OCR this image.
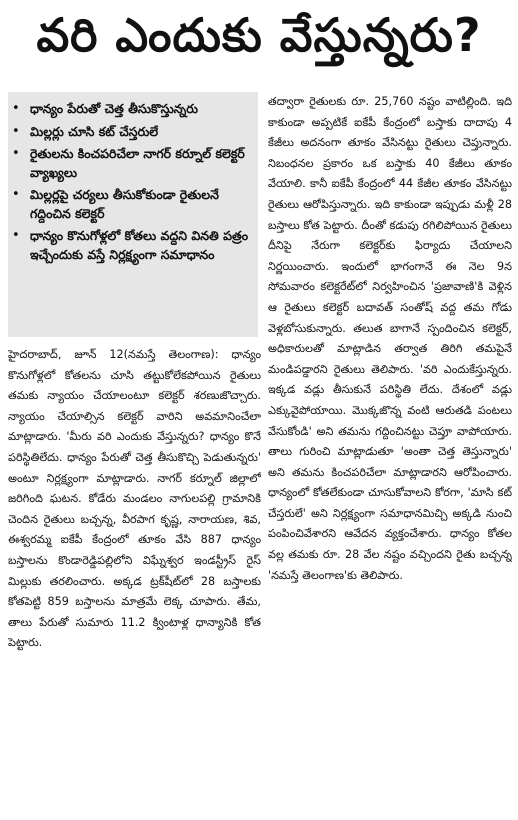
వరి ఎందుకు వేస్తున్నరు?
• ధాన్యం పేరుతో చెత్త తీసుకొస్తున్నరు
• మిల్లర్లు చూసి కట్ చేస్తరులే
• రైతులను కించపరిచేలా నాగర్ కర్నూల్ కలెక్టర్ వ్యాఖ్యలు
• మిల్లర్లపై చర్యలు తీసుకోకుండా రైతులనే గద్దించిన కలెక్టర్
• ధాన్యం కొనుగోళ్లలో కోతలు వద్దని వినతి పత్రం ఇచ్చేందుకు వస్తే నిర్లక్ష్యంగా సమాధానం

హైదరాబాద్, జూన్ 12(నమస్తే తెలంగాణ): ధాన్యం కొనుగోళ్లలో కోతలను చూసి తట్టుకోలేకపోయిన రైతులు తమకు న్యాయం చేయాలంటూ కలెక్టర్ శరణుజొచ్చారు. న్యాయం చేయాల్సిన కలెక్టర్ వారిని అవమానించేలా మాట్లాడారు. 'మీరు వరి ఎందుకు వేస్తున్నరు? ధాన్యం కొనే పరిస్థితిలేదు. ధాన్యం పేరుతో చెత్త తీసుకొచ్చి పెడుతున్నరు' అంటూ నిర్లక్ష్యంగా మాట్లాడారు. నాగర్ కర్నూల్ జిల్లాలో జరిగింది ఘటన. కోడేరు మండలం నాగులపల్లి గ్రామానికి చెందిన రైతులు బచ్చన్న, వీరపాగ కృష్ణ, నారాయణ, శివ, ఈశ్వరమ్మ ఐకేపీ కేంద్రంలో తూకం వేసి 887 ధాన్యం బస్తాలను కొండారెడ్డిపల్లిలోని విఘ్నేశ్వర ఇండస్ట్రీస్ రైస్ మిల్లుకు తరలించారు. అక్కడ ట్రక్‌షీట్‌లో 28 బస్తాలకు కోతపెట్టి 859 బస్తాలను మాత్రమే లెక్క చూపారు. తేమ, తాలు పేరుతో సుమారు 11.2 క్వింటాళ్ల ధాన్యానికి కోత పెట్టారు.

తద్వారా రైతులకు రూ. 25,760 నష్టం వాటిల్లింది. ఇది కాకుండా అప్పటికే ఐకేపీ కేంద్రంలో బస్తాకు దాదాపు 4 కేజీలు అదనంగా తూకం వేసినట్టు రైతులు చెప్తున్నారు. నిబంధనల ప్రకారం ఒక బస్తాకు 40 కేజీలు తూకం వేయాలి. కానీ ఐకేపీ కేంద్రంలో 44 కేజీల తూకం వేసినట్టు రైతులు ఆరోపిస్తున్నారు. ఇది కాకుండా ఇప్పుడు మళ్లీ 28 బస్తాలు కోత పెట్టారు. దీంతో కడుపు రగిలిపోయిన రైతులు దీనిపై నేరుగా కలెక్టర్‌కు ఫిర్యాదు చేయాలని నిర్ణయించారు. ఇందులో భాగంగానే ఈ నెల 9న సోమవారం కలెక్టరేట్‌లో నిర్వహించిన 'ప్రజావాణి'కి వెళ్లిన ఆ రైతులు కలెక్టర్ బదావత్ సంతోష్ వద్ద తమ గోడు వెళ్లబోసుకున్నారు. తలుత బాగానే స్పందించిన కలెక్టర్, అధికారులతో మాట్లాడిన తర్వాత తిరిగి తమపైనే మండిపడ్డారని రైతులు తెలిపారు. 'వరి ఎందుకేస్తున్నరు. ఇక్కడ వడ్లు తీసుకునే పరిస్థితి లేదు. దేశంలో వడ్లు ఎక్కువైపోయాయి. మొక్కజొన్న వంటి ఆరుతడి పంటలు వేసుకోండి' అని తమను గద్దించినట్టు చెప్తూ వాపోయారు. తాలు గురించి మాట్లాడుతూ 'అంతా చెత్త తెస్తున్నారు' అని తమను కించపరిచేలా మాట్లాడారని ఆరోపించారు. ధాన్యంలో కోతలేకుండా చూసుకోవాలని కోరగా, 'మాసి కట్ చేస్తరులే' అని నిర్లక్ష్యంగా సమాధానమిచ్చి అక్కడి నుంచి పంపించివేశారని ఆవేదన వ్యక్తంచేశారు. ధాన్యం కోతల వల్ల తమకు రూ. 28 వేల నష్టం వచ్చిందని రైతు బచ్చన్న 'నమస్తే తెలంగాణ'కు తెలిపారు.
